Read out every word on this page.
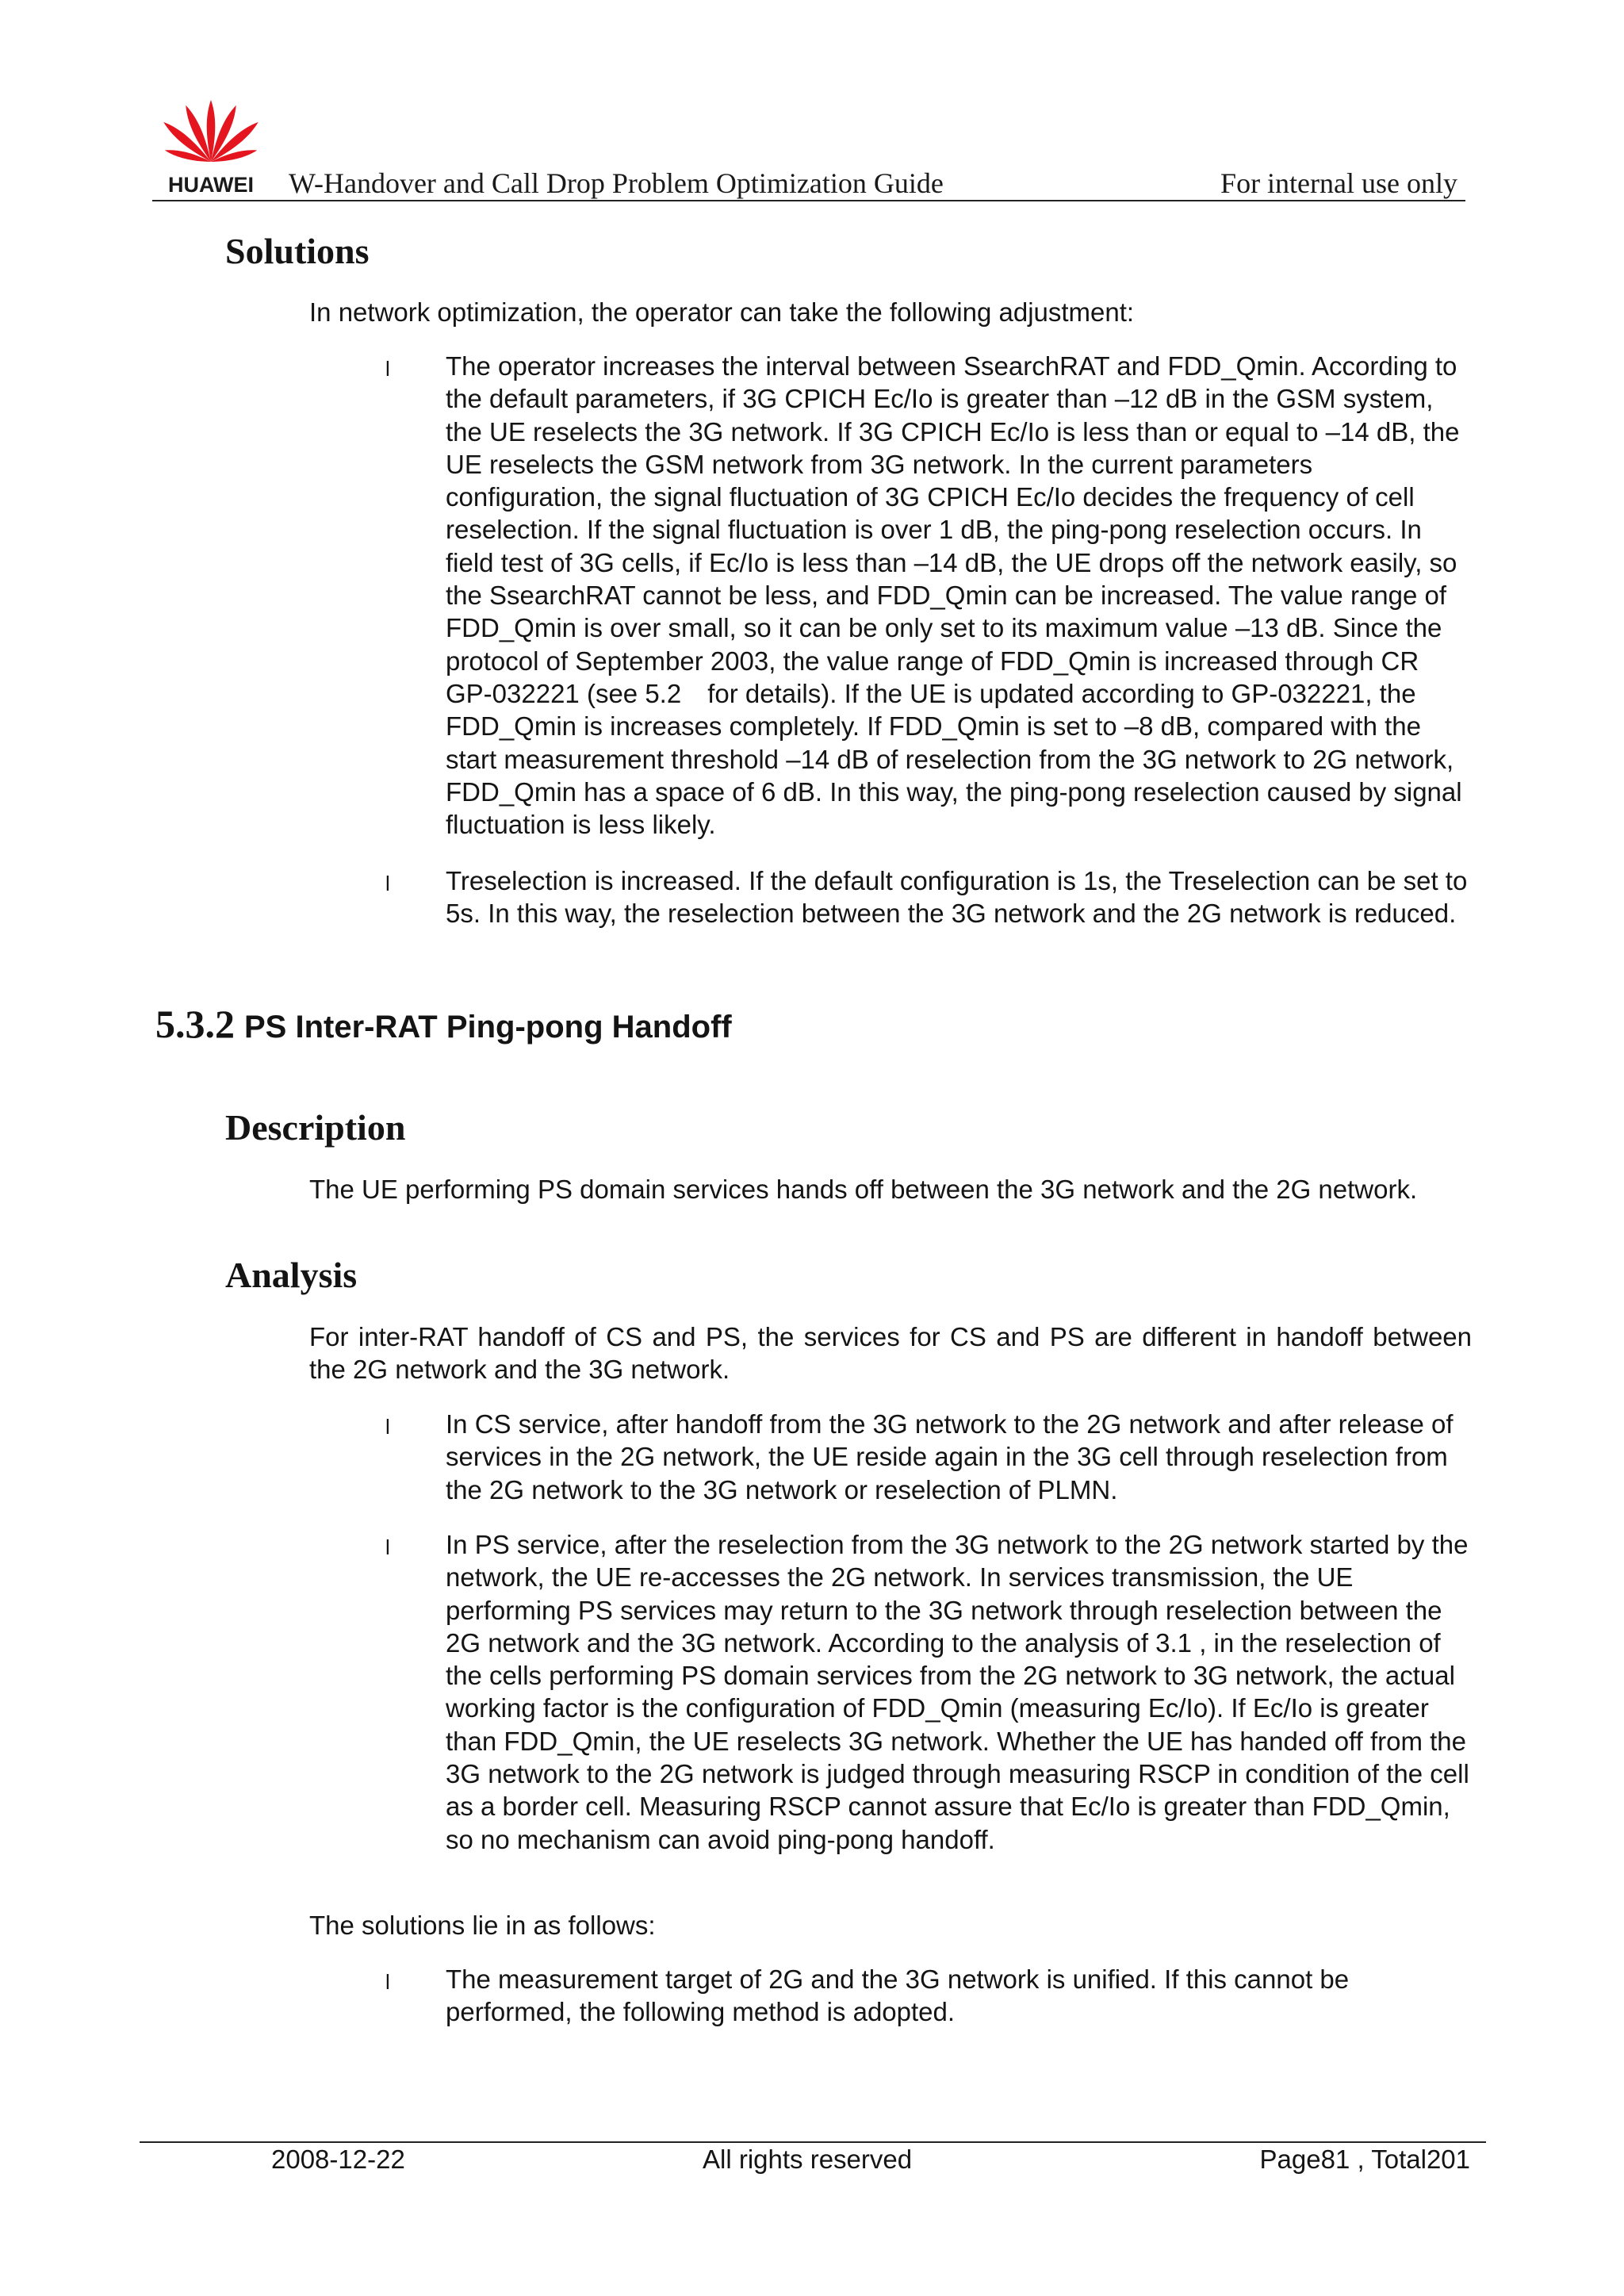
HUAWEI W-Handover and Call Drop Problem Optimization Guide	For internal use only
Solutions

In network optimization, the operator can take the following adjustment:

l The operator increases the interval between SsearchRAT and FDD_Qmin. According to the default parameters, if 3G CPICH Ec/Io is greater than –12 dB in the GSM system, the UE reselects the 3G network. If 3G CPICH Ec/Io is less than or equal to –14 dB, the UE reselects the GSM network from 3G network. In the current parameters configuration, the signal fluctuation of 3G CPICH Ec/Io decides the frequency of cell reselection. If the signal fluctuation is over 1 dB, the ping-pong reselection occurs. In field test of 3G cells, if Ec/Io is less than –14 dB, the UE drops off the network easily, so the SsearchRAT cannot be less, and FDD_Qmin can be increased. The value range of FDD_Qmin is over small, so it can be only set to its maximum value –13 dB. Since the protocol of September 2003, the value range of FDD_Qmin is increased through CR GP-032221 (see 5.2　for details). If the UE is updated according to GP-032221, the FDD_Qmin is increases completely. If FDD_Qmin is set to –8 dB, compared with the start measurement threshold –14 dB of reselection from the 3G network to 2G network, FDD_Qmin has a space of 6 dB. In this way, the ping-pong reselection caused by signal fluctuation is less likely.
l Treselection is increased. If the default configuration is 1s, the Treselection can be set to 5s. In this way, the reselection between the 3G network and the 2G network is reduced.
5.3.2 PS Inter-RAT Ping-pong Handoff
Description

The UE performing PS domain services hands off between the 3G network and the 2G network.

Analysis

For inter-RAT handoff of CS and PS, the services for CS and PS are different in handoff between the 2G network and the 3G network.

l In CS service, after handoff from the 3G network to the 2G network and after release of services in the 2G network, the UE reside again in the 3G cell through reselection from the 2G network to the 3G network or reselection of PLMN.
l In PS service, after the reselection from the 3G network to the 2G network started by the network, the UE re-accesses the 2G network. In services transmission, the UE performing PS services may return to the 3G network through reselection between the 2G network and the 3G network. According to the analysis of 3.1 , in the reselection of the cells performing PS domain services from the 2G network to 3G network, the actual working factor is the configuration of FDD_Qmin (measuring Ec/Io). If Ec/Io is greater than FDD_Qmin, the UE reselects 3G network. Whether the UE has handed off from the 3G network to the 2G network is judged through measuring RSCP in condition of the cell as a border cell. Measuring RSCP cannot assure that Ec/Io is greater than FDD_Qmin, so no mechanism can avoid ping-pong handoff.

The solutions lie in as follows:

l The measurement target of 2G and the 3G network is unified. If this cannot be performed, the following method is adopted.
2008-12-22	All rights reserved	Page81 , Total201
